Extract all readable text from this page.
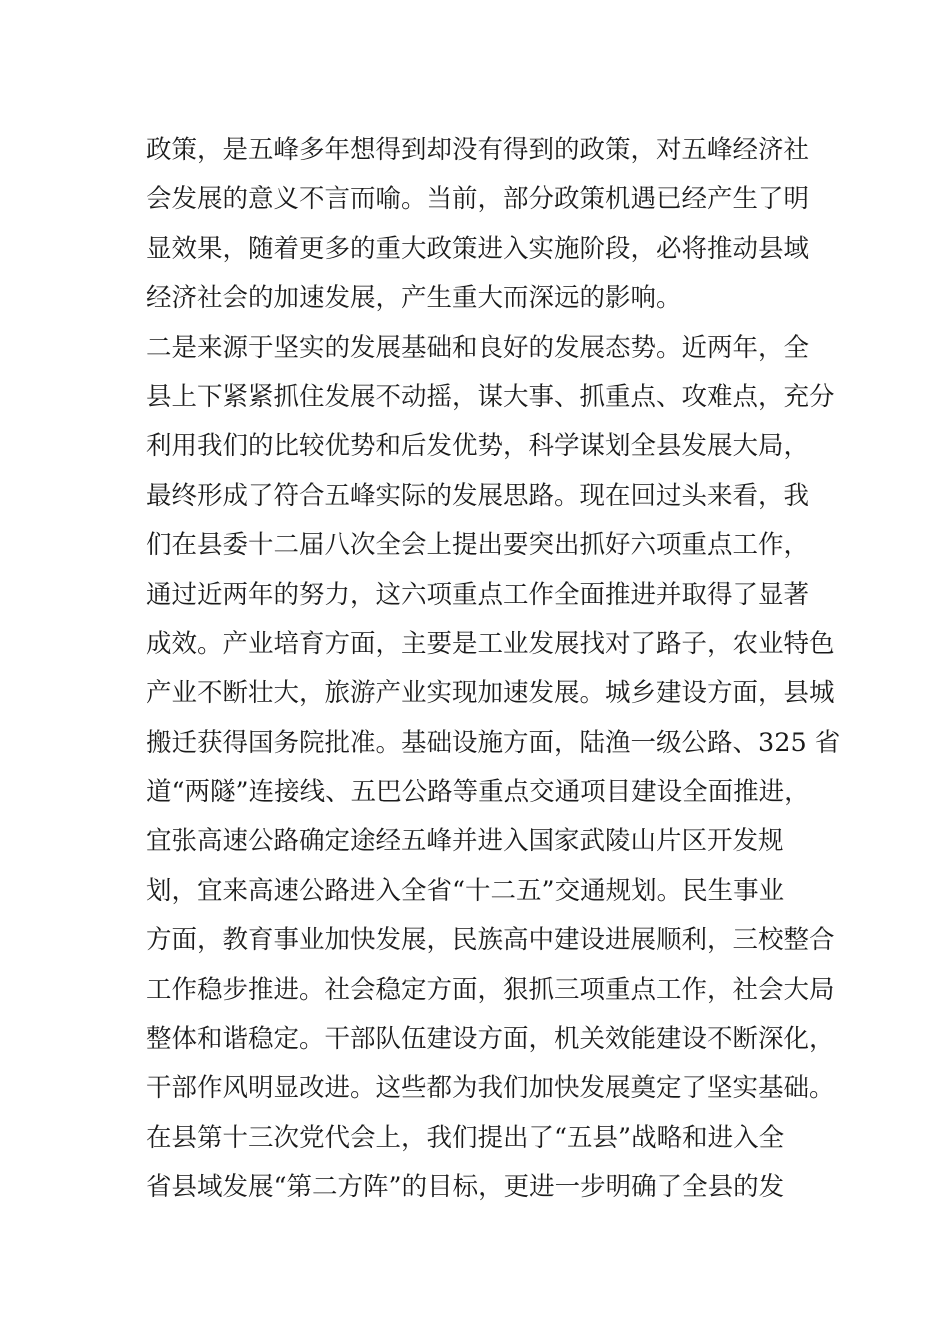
政策，是五峰多年想得到却没有得到的政策，对五峰经济社
会发展的意义不言而喻。当前，部分政策机遇已经产生了明
显效果，随着更多的重大政策进入实施阶段，必将推动县域
经济社会的加速发展，产生重大而深远的影响。
二是来源于坚实的发展基础和良好的发展态势。近两年，全
县上下紧紧抓住发展不动摇，谋大事、抓重点、攻难点，充分
利用我们的比较优势和后发优势，科学谋划全县发展大局，
最终形成了符合五峰实际的发展思路。现在回过头来看，我
们在县委十二届八次全会上提出要突出抓好六项重点工作，
通过近两年的努力，这六项重点工作全面推进并取得了显著
成效。产业培育方面，主要是工业发展找对了路子，农业特色
产业不断壮大，旅游产业实现加速发展。城乡建设方面，县城
搬迁获得国务院批准。基础设施方面，陆渔一级公路、325 省
道“两隧”连接线、五巴公路等重点交通项目建设全面推进，
宜张高速公路确定途经五峰并进入国家武陵山片区开发规
划，宜来高速公路进入全省“十二五”交通规划。民生事业
方面，教育事业加快发展，民族高中建设进展顺利，三校整合
工作稳步推进。社会稳定方面，狠抓三项重点工作，社会大局
整体和谐稳定。干部队伍建设方面，机关效能建设不断深化，
干部作风明显改进。这些都为我们加快发展奠定了坚实基础。
在县第十三次党代会上，我们提出了“五县”战略和进入全
省县域发展“第二方阵”的目标，更进一步明确了全县的发
